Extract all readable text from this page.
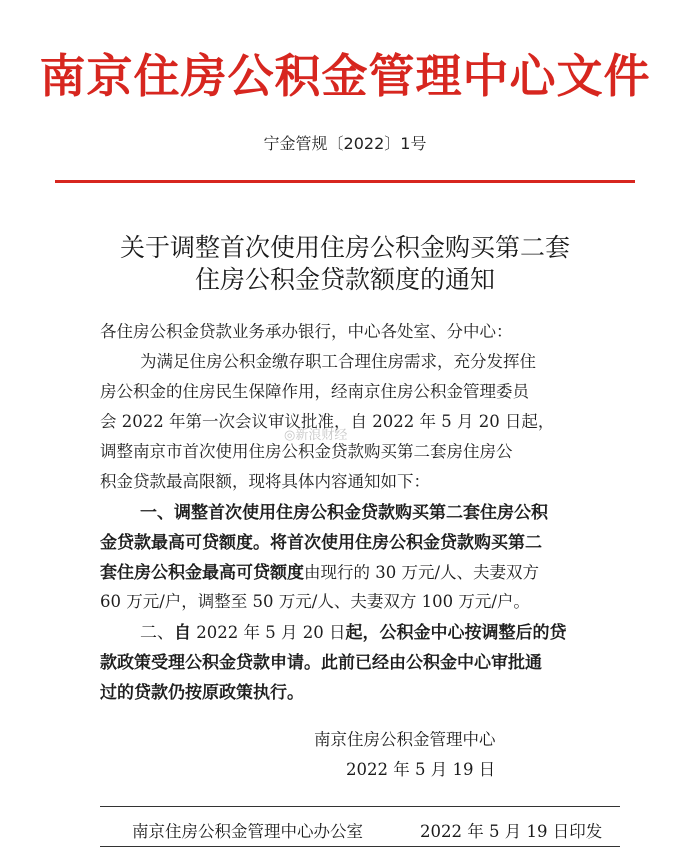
南京住房公积金管理中心文件
宁金管规〔2022〕1号
关于调整首次使用住房公积金购买第二套
住房公积金贷款额度的通知
各住房公积金贷款业务承办银行，中心各处室、分中心：
为满足住房公积金缴存职工合理住房需求，充分发挥住
房公积金的住房民生保障作用，经南京住房公积金管理委员
会 2022 年第一次会议审议批准，自 2022 年 5 月 20 日起，
调整南京市首次使用住房公积金贷款购买第二套房住房公
积金贷款最高限额，现将具体内容通知如下：
◎新浪财经
一、调整首次使用住房公积金贷款购买第二套住房公积
金贷款最高可贷额度。将首次使用住房公积金贷款购买第二
套住房公积金最高可贷额度由现行的 30 万元/人、夫妻双方
60 万元/户，调整至 50 万元/人、夫妻双方 100 万元/户。
二、自 2022 年 5 月 20 日起，公积金中心按调整后的贷
款政策受理公积金贷款申请。此前已经由公积金中心审批通
过的贷款仍按原政策执行。
南京住房公积金管理中心
2022 年 5 月 19 日
南京住房公积金管理中心办公室	2022 年 5 月 19 日印发
